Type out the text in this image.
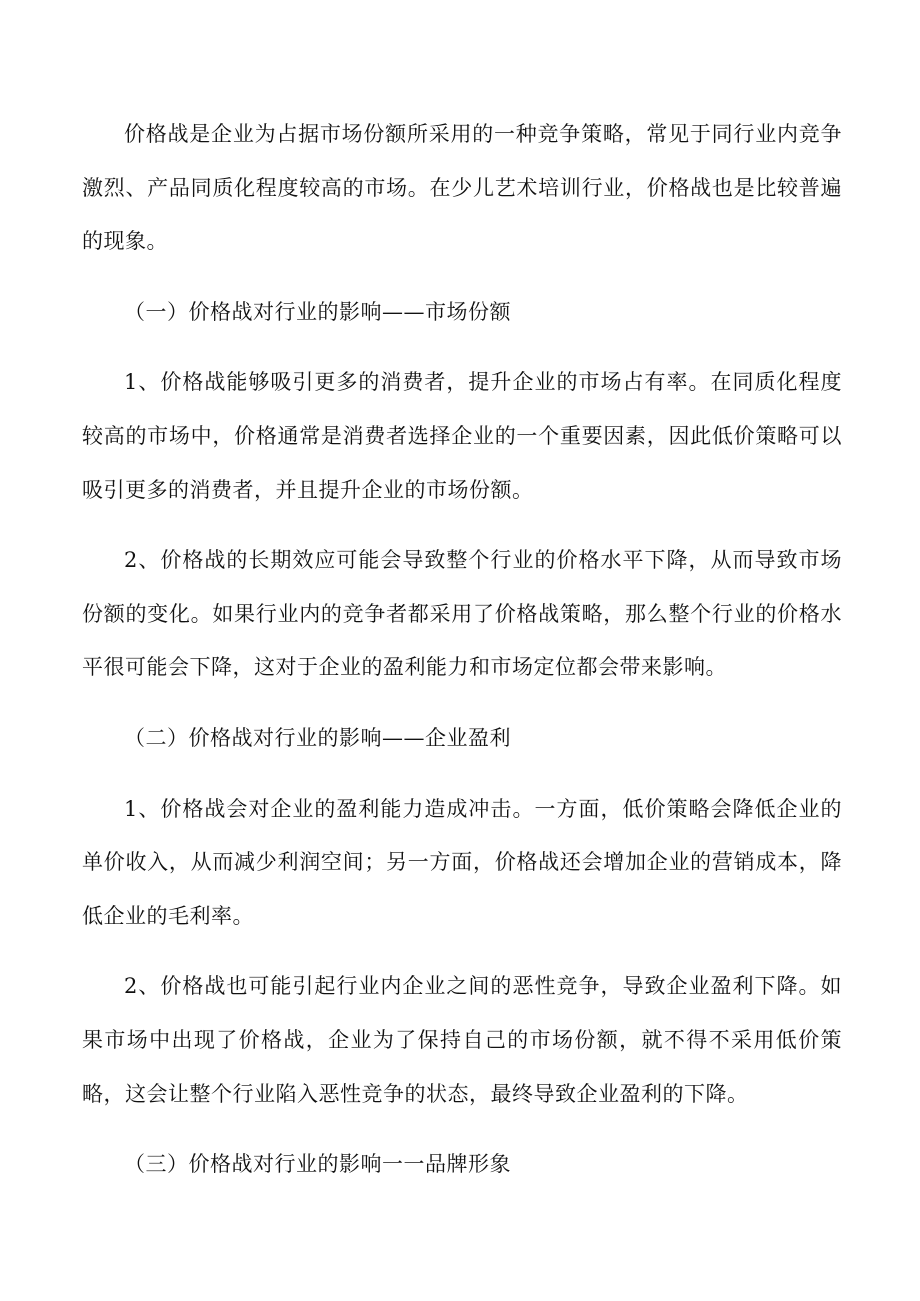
价格战是企业为占据市场份额所采用的一种竞争策略，常见于同行业内竞争激烈、产品同质化程度较高的市场。在少儿艺术培训行业，价格战也是比较普遍的现象。

（一）价格战对行业的影响——市场份额

1、价格战能够吸引更多的消费者，提升企业的市场占有率。在同质化程度较高的市场中，价格通常是消费者选择企业的一个重要因素，因此低价策略可以吸引更多的消费者，并且提升企业的市场份额。

2、价格战的长期效应可能会导致整个行业的价格水平下降，从而导致市场份额的变化。如果行业内的竞争者都采用了价格战策略，那么整个行业的价格水平很可能会下降，这对于企业的盈利能力和市场定位都会带来影响。

（二）价格战对行业的影响——企业盈利

1、价格战会对企业的盈利能力造成冲击。一方面，低价策略会降低企业的单价收入，从而减少利润空间；另一方面，价格战还会增加企业的营销成本，降低企业的毛利率。

2、价格战也可能引起行业内企业之间的恶性竞争，导致企业盈利下降。如果市场中出现了价格战，企业为了保持自己的市场份额，就不得不采用低价策略，这会让整个行业陷入恶性竞争的状态，最终导致企业盈利的下降。

（三）价格战对行业的影响一一品牌形象
